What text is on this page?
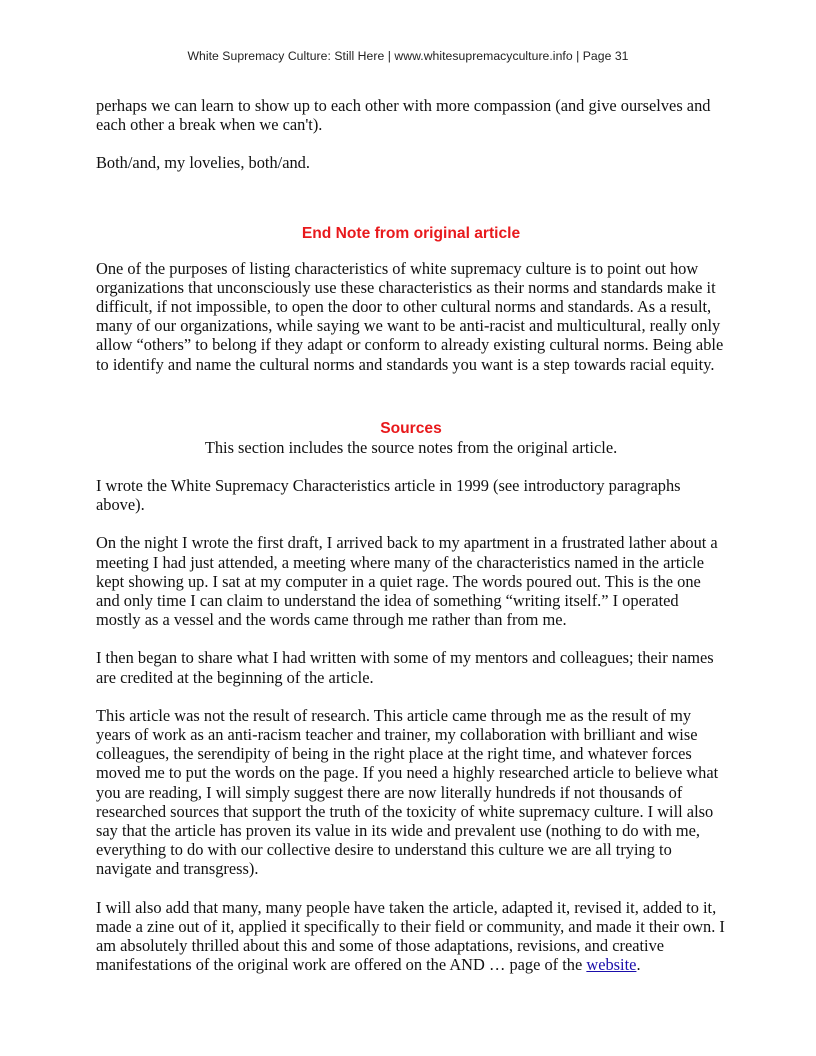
White Supremacy Culture: Still Here | www.whitesupremacyculture.info | Page 31

perhaps we can learn to show up to each other with more compassion (and give ourselves and each other a break when we can't).

Both/and, my lovelies, both/and.

End Note from original article

One of the purposes of listing characteristics of white supremacy culture is to point out how organizations that unconsciously use these characteristics as their norms and standards make it difficult, if not impossible, to open the door to other cultural norms and standards. As a result, many of our organizations, while saying we want to be anti-racist and multicultural, really only allow “others” to belong if they adapt or conform to already existing cultural norms. Being able to identify and name the cultural norms and standards you want is a step towards racial equity.

Sources

This section includes the source notes from the original article.

I wrote the White Supremacy Characteristics article in 1999 (see introductory paragraphs above).

On the night I wrote the first draft, I arrived back to my apartment in a frustrated lather about a meeting I had just attended, a meeting where many of the characteristics named in the article kept showing up. I sat at my computer in a quiet rage. The words poured out. This is the one and only time I can claim to understand the idea of something “writing itself.” I operated mostly as a vessel and the words came through me rather than from me.

I then began to share what I had written with some of my mentors and colleagues; their names are credited at the beginning of the article.

This article was not the result of research. This article came through me as the result of my years of work as an anti-racism teacher and trainer, my collaboration with brilliant and wise colleagues, the serendipity of being in the right place at the right time, and whatever forces moved me to put the words on the page. If you need a highly researched article to believe what you are reading, I will simply suggest there are now literally hundreds if not thousands of researched sources that support the truth of the toxicity of white supremacy culture. I will also say that the article has proven its value in its wide and prevalent use (nothing to do with me, everything to do with our collective desire to understand this culture we are all trying to navigate and transgress).

I will also add that many, many people have taken the article, adapted it, revised it, added to it, made a zine out of it, applied it specifically to their field or community, and made it their own. I am absolutely thrilled about this and some of those adaptations, revisions, and creative manifestations of the original work are offered on the AND … page of the website.
